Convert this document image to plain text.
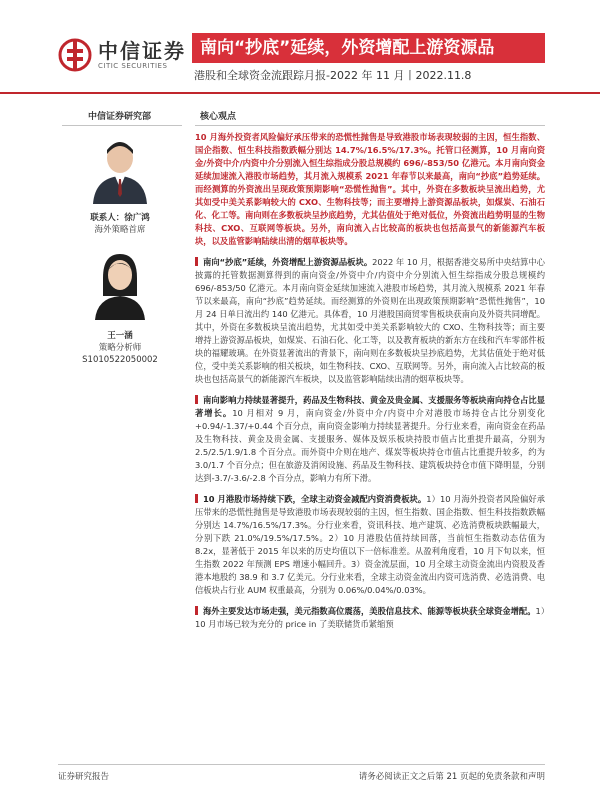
中信证券
CITIC SECURITIES
南向“抄底”延续，外资增配上游资源品
港股和全球资金流跟踪月报-2022 年 11 月丨2022.11.8
中信证券研究部	核心观点
联系人：徐广鸿
海外策略首席
王一涵
策略分析师
S1010522050002
10 月海外投资者风险偏好承压带来的恐慌性抛售是导致港股市场表现较弱的主因，恒生指数、国企指数、恒生科技指数跌幅分别达 14.7%/16.5%/17.3%。托管口径测算，10 月南向资金/外资中介/内资中介分别流入恒生综指成分股总规模约 696/-853/50 亿港元。本月南向资金延续加速流入港股市场趋势，其月流入规模系 2021 年春节以来最高，南向“抄底”趋势延续。而经测算的外资流出呈现政策预期影响“恐慌性抛售”。其中，外资在多数板块呈流出趋势，尤其如受中美关系影响较大的 CXO、生物科技等；而主要增持上游资源品板块，如煤炭、石油石化、化工等。南向则在多数板块呈抄底趋势，尤其估值处于绝对低位，外资流出趋势明显的生物科技、CXO、互联网等板块。另外，南向流入占比较高的板块也包括高景气的新能源汽车板块，以及监管影响陆续出清的烟草板块等。
南向“抄底”延续，外资增配上游资源品板块。2022 年 10 月，根据香港交易所中央结算中心披露的托管数据测算得到的南向资金/外资中介/内资中介分别流入恒生综指成分股总规模约 696/-853/50 亿港元。本月南向资金延续加速流入港股市场趋势，其月流入规模系 2021 年春节以来最高，南向“抄底”趋势延续。而经测算的外资则在出现政策预期影响“恐慌性抛售”，10 月 24 日单日流出约 140 亿港元。具体看，10 月港股国商贸零售板块获南向及外资共同增配。其中，外资在多数板块呈流出趋势，尤其如受中美关系影响较大的 CXO、生物科技等；而主要增持上游资源品板块，如煤炭、石油石化、化工等，以及教育板块的新东方在线和汽车零部件板块的福耀玻璃。在外资显著流出的背景下，南向则在多数板块呈抄底趋势，尤其估值处于绝对低位，受中美关系影响的相关板块，如生物科技、CXO、互联网等。另外，南向流入占比较高的板块也包括高景气的新能源汽车板块，以及监管影响陆续出清的烟草板块等。
南向影响力持续显著提升，药品及生物科技、黄金及贵金属、支援服务等板块南向持仓占比显著增长。10 月相对 9 月，南向资金/外资中介/内资中介对港股市场持仓占比分别变化+0.94/-1.37/+0.44 个百分点，南向资金影响力持续显著提升。分行业来看，南向资金在药品及生物科技、黄金及贵金属、支援服务、媒体及娱乐板块持股市值占比重提升最高，分别为 2.5/2.5/1.9/1.8 个百分点。而外资中介则在地产、煤炭等板块持仓市值占比重提升较多，约为 3.0/1.7 个百分点；但在旅游及消闲设施、药品及生物科技、建筑板块持仓市值下降明显，分别达到-3.7/-3.6/-2.8 个百分点，影响力有所下滑。
10 月港股市场持续下跌，全球主动资金减配内资消费板块。1）10 月海外投资者风险偏好承压带来的恐慌性抛售是导致港股市场表现较弱的主因，恒生指数、国企指数、恒生科技指数跌幅分别达 14.7%/16.5%/17.3%。分行业来看，资讯科技、地产建筑、必选消费板块跌幅最大，分别下跌 21.0%/19.5%/17.5%。2）10 月港股估值持续回落，当前恒生指数动态估值为 8.2x，显著低于 2015 年以来的历史均值以下一倍标准差。从盈利角度看，10 月下旬以来，恒生指数 2022 年预测 EPS 增速小幅回升。3）资金流层面，10 月全球主动资金流出内资股及香港本地股约 38.9 和 3.7 亿美元。分行业来看，全球主动资金流出内资可选消费、必选消费、电信板块占行业 AUM 权重最高，分别为 0.06%/0.04%/0.03%。
海外主要发达市场走强，美元指数高位震荡，美股信息技术、能源等板块获全球资金增配。1）10 月市场已较为充分的 price in 了美联储货币紧缩预
证券研究报告	请务必阅读正文之后第 21 页起的免责条款和声明
